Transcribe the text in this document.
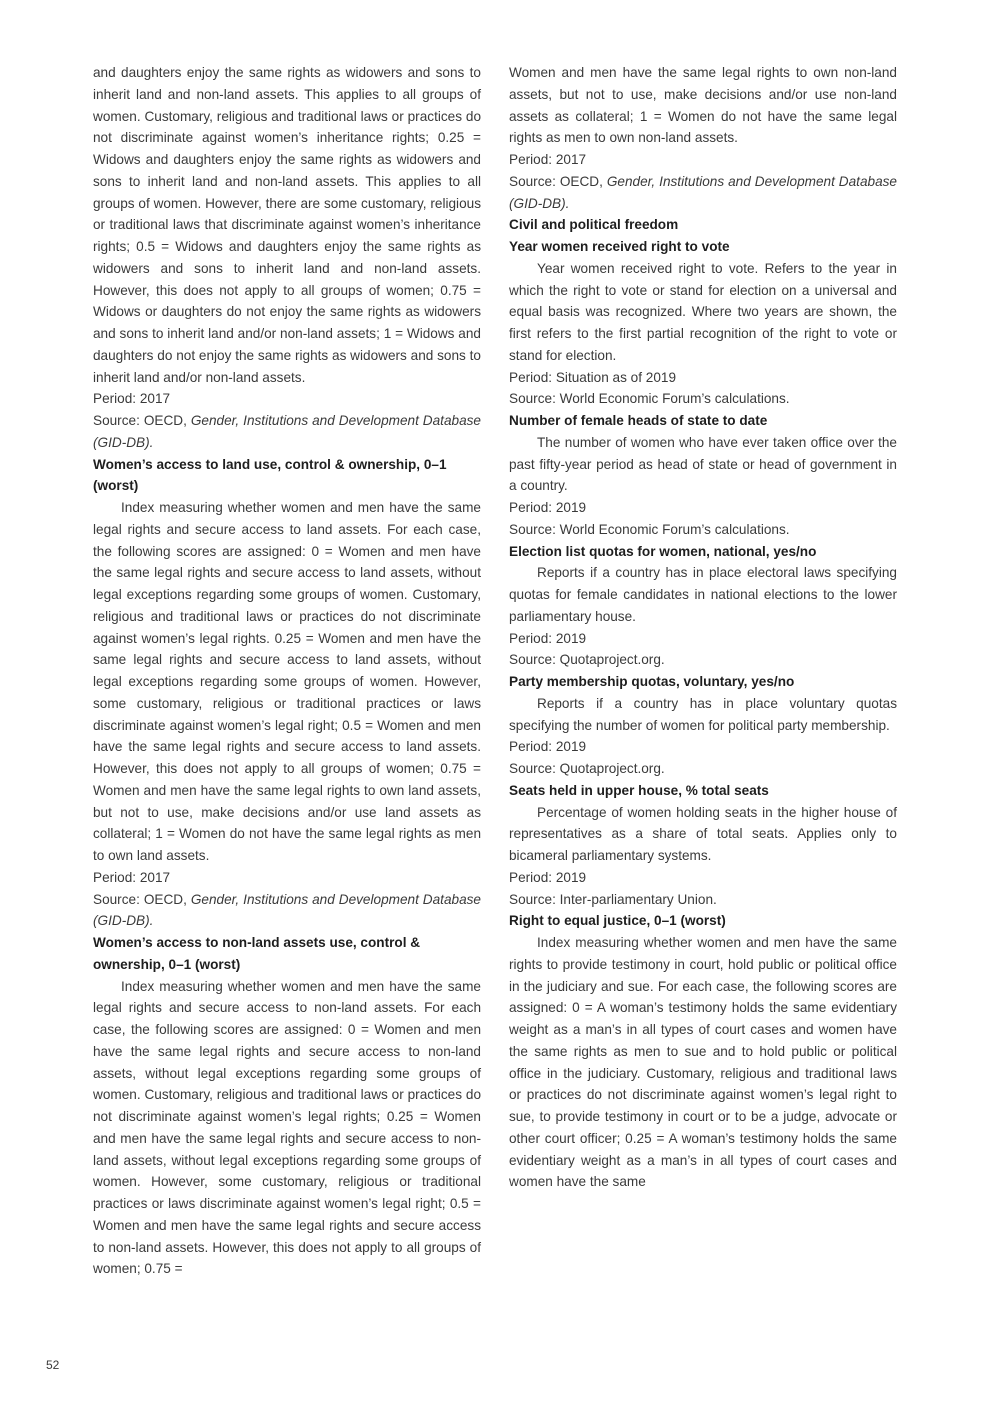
and daughters enjoy the same rights as widowers and sons to inherit land and non-land assets. This applies to all groups of women. Customary, religious and traditional laws or practices do not discriminate against women’s inheritance rights; 0.25 = Widows and daughters enjoy the same rights as widowers and sons to inherit land and non-land assets. This applies to all groups of women. However, there are some customary, religious or traditional laws that discriminate against women’s inheritance rights; 0.5 = Widows and daughters enjoy the same rights as widowers and sons to inherit land and non-land assets. However, this does not apply to all groups of women; 0.75 = Widows or daughters do not enjoy the same rights as widowers and sons to inherit land and/or non-land assets; 1 = Widows and daughters do not enjoy the same rights as widowers and sons to inherit land and/or non-land assets.

Period: 2017

Source: OECD, Gender, Institutions and Development Database (GID-DB).

Women’s access to land use, control & ownership, 0–1 (worst)

Index measuring whether women and men have the same legal rights and secure access to land assets. For each case, the following scores are assigned: 0 = Women and men have the same legal rights and secure access to land assets, without legal exceptions regarding some groups of women. Customary, religious and traditional laws or practices do not discriminate against women’s legal rights. 0.25 = Women and men have the same legal rights and secure access to land assets, without legal exceptions regarding some groups of women. However, some customary, religious or traditional practices or laws discriminate against women’s legal right; 0.5 = Women and men have the same legal rights and secure access to land assets. However, this does not apply to all groups of women; 0.75 = Women and men have the same legal rights to own land assets, but not to use, make decisions and/or use land assets as collateral; 1 = Women do not have the same legal rights as men to own land assets.

Period: 2017

Source: OECD, Gender, Institutions and Development Database (GID-DB).

Women’s access to non-land assets use, control & ownership, 0–1 (worst)

Index measuring whether women and men have the same legal rights and secure access to non-land assets. For each case, the following scores are assigned: 0 = Women and men have the same legal rights and secure access to non-land assets, without legal exceptions regarding some groups of women. Customary, religious and traditional laws or practices do not discriminate against women’s legal rights; 0.25 = Women and men have the same legal rights and secure access to non-land assets, without legal exceptions regarding some groups of women. However, some customary, religious or traditional practices or laws discriminate against women’s legal right; 0.5 = Women and men have the same legal rights and secure access to non-land assets. However, this does not apply to all groups of women; 0.75 =

Women and men have the same legal rights to own non-land assets, but not to use, make decisions and/or use non-land assets as collateral; 1 = Women do not have the same legal rights as men to own non-land assets.

Period: 2017

Source: OECD, Gender, Institutions and Development Database (GID-DB).

Civil and political freedom

Year women received right to vote

Year women received right to vote. Refers to the year in which the right to vote or stand for election on a universal and equal basis was recognized. Where two years are shown, the first refers to the first partial recognition of the right to vote or stand for election.

Period: Situation as of 2019

Source: World Economic Forum’s calculations.

Number of female heads of state to date

The number of women who have ever taken office over the past fifty-year period as head of state or head of government in a country.

Period: 2019

Source: World Economic Forum’s calculations.

Election list quotas for women, national, yes/no

Reports if a country has in place electoral laws specifying quotas for female candidates in national elections to the lower parliamentary house.

Period: 2019

Source: Quotaproject.org.

Party membership quotas, voluntary, yes/no

Reports if a country has in place voluntary quotas specifying the number of women for political party membership.

Period: 2019

Source: Quotaproject.org.

Seats held in upper house, % total seats

Percentage of women holding seats in the higher house of representatives as a share of total seats. Applies only to bicameral parliamentary systems.

Period: 2019

Source: Inter-parliamentary Union.

Right to equal justice, 0–1 (worst)

Index measuring whether women and men have the same rights to provide testimony in court, hold public or political office in the judiciary and sue. For each case, the following scores are assigned: 0 = A woman’s testimony holds the same evidentiary weight as a man’s in all types of court cases and women have the same rights as men to sue and to hold public or political office in the judiciary. Customary, religious and traditional laws or practices do not discriminate against women’s legal right to sue, to provide testimony in court or to be a judge, advocate or other court officer; 0.25 = A woman’s testimony holds the same evidentiary weight as a man’s in all types of court cases and women have the same

52
